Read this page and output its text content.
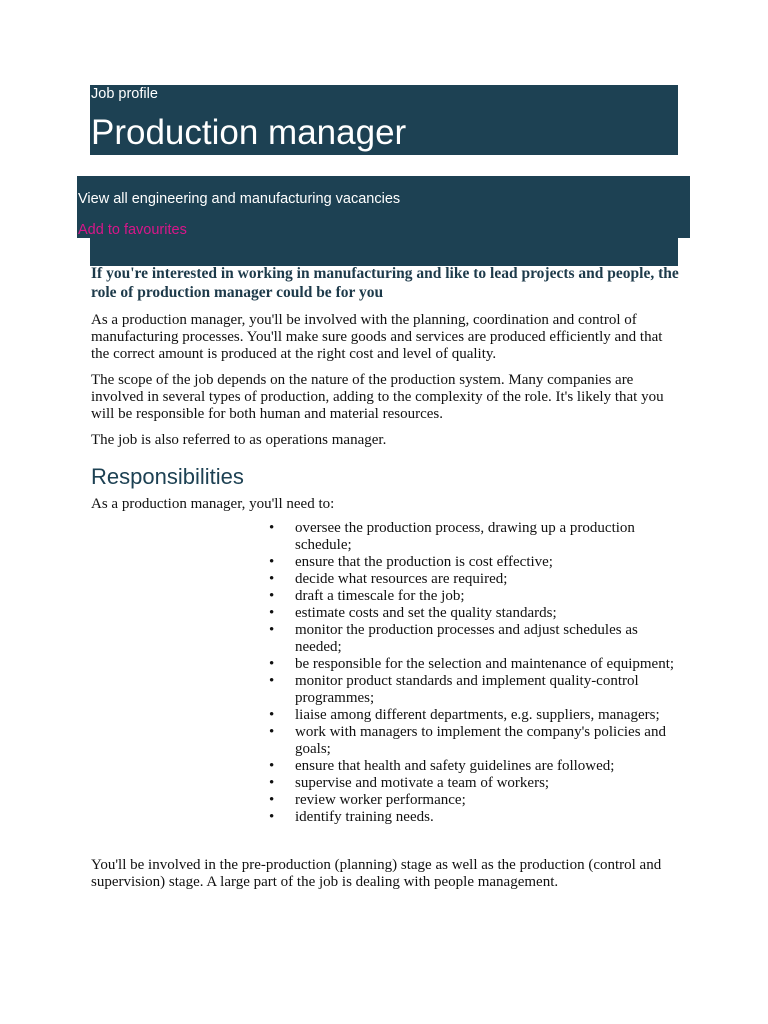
Job profile
Production manager
View all engineering and manufacturing vacancies
Add to favourites

If you're interested in working in manufacturing and like to lead projects and people, the role of production manager could be for you

As a production manager, you'll be involved with the planning, coordination and control of manufacturing processes. You'll make sure goods and services are produced efficiently and that the correct amount is produced at the right cost and level of quality.

The scope of the job depends on the nature of the production system. Many companies are involved in several types of production, adding to the complexity of the role. It's likely that you will be responsible for both human and material resources.

The job is also referred to as operations manager.

Responsibilities

As a production manager, you'll need to:

•	oversee the production process, drawing up a production schedule;
•	ensure that the production is cost effective;
•	decide what resources are required;
•	draft a timescale for the job;
•	estimate costs and set the quality standards;
•	monitor the production processes and adjust schedules as needed;
•	be responsible for the selection and maintenance of equipment;
•	monitor product standards and implement quality-control programmes;
•	liaise among different departments, e.g. suppliers, managers;
•	work with managers to implement the company's policies and goals;
•	ensure that health and safety guidelines are followed;
•	supervise and motivate a team of workers;
•	review worker performance;
•	identify training needs.

You'll be involved in the pre-production (planning) stage as well as the production (control and supervision) stage. A large part of the job is dealing with people management.
